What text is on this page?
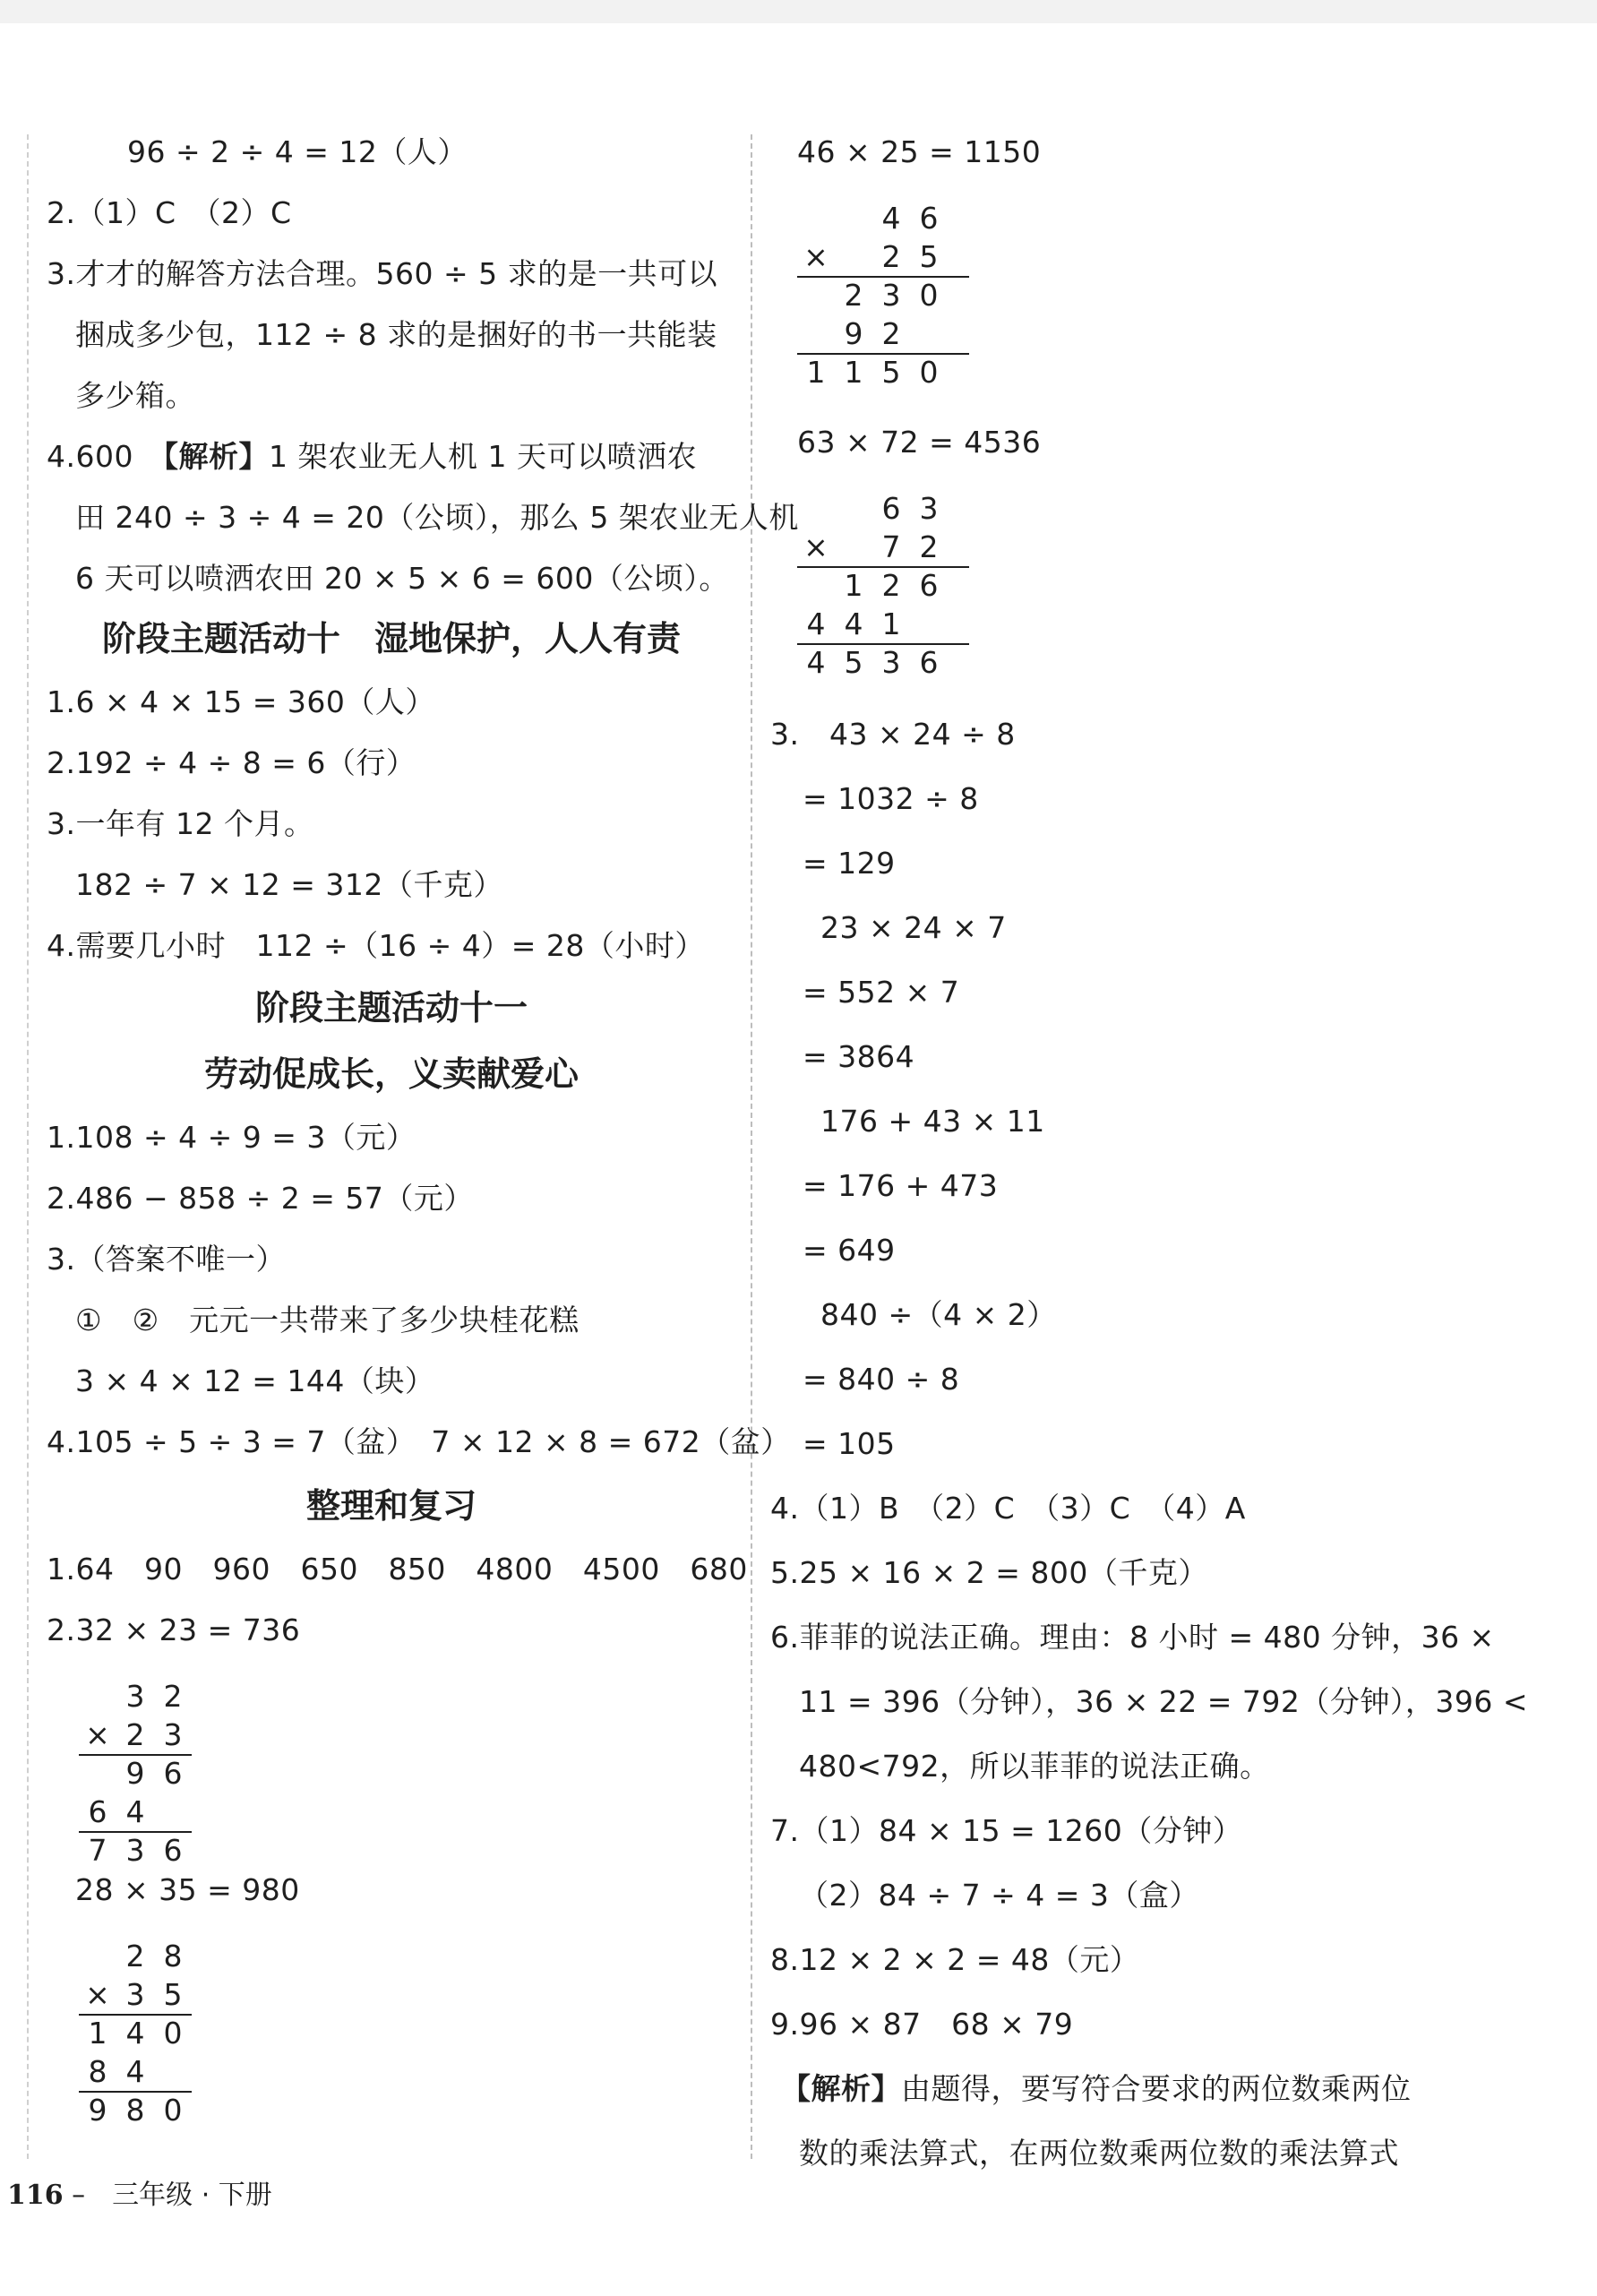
96 ÷ 2 ÷ 4 = 12（人）
2.（1）C　（2）C
3.才才的解答方法合理。560 ÷ 5 求的是一共可以
捆成多少包，112 ÷ 8 求的是捆好的书一共能装
多少箱。
4.600　【解析】1 架农业无人机 1 天可以喷洒农
田 240 ÷ 3 ÷ 4 = 20（公顷），那么 5 架农业无人机
6 天可以喷洒农田 20 × 5 × 6 = 600（公顷）。
阶段主题活动十　湿地保护，人人有责
1.6 × 4 × 15 = 360（人）
2.192 ÷ 4 ÷ 8 = 6（行）
3.一年有 12 个月。
182 ÷ 7 × 12 = 312（千克）
4.需要几小时　112 ÷（16 ÷ 4）= 28（小时）
阶段主题活动十一
劳动促成长，义卖献爱心
1.108 ÷ 4 ÷ 9 = 3（元）
2.486 − 858 ÷ 2 = 57（元）
3.（答案不唯一）
①　②　元元一共带来了多少块桂花糕
3 × 4 × 12 = 144（块）
4.105 ÷ 5 ÷ 3 = 7（盆）　7 × 12 × 8 = 672（盆）
整理和复习
1.64　90　960　650　850　4800　4500　680
2.32 × 23 = 736
3 2
× 2 3
9 6
6 4
7 3 6
28 × 35 = 980
2 8
× 3 5
1 4 0
8 4
9 8 0
46 × 25 = 1150
4 6
×	2 5
2 3 0
9 2
1 1 5 0
63 × 72 = 4536
6 3
×	7 2
1 2 6
4 4 1
4 5 3 6
3.　43 × 24 ÷ 8
= 1032 ÷ 8
= 129
23 × 24 × 7
= 552 × 7
= 3864
176 + 43 × 11
= 176 + 473
= 649
840 ÷（4 × 2）
= 840 ÷ 8
= 105
4.（1）B　（2）C　（3）C　（4）A
5.25 × 16 × 2 = 800（千克）
6.菲菲的说法正确。理由：8 小时 = 480 分钟，36 ×
11 = 396（分钟），36 × 22 = 792（分钟），396 <
480<792，所以菲菲的说法正确。
7.（1）84 × 15 = 1260（分钟）
（2）84 ÷ 7 ÷ 4 = 3（盒）
8.12 × 2 × 2 = 48（元）
9.96 × 87　68 × 79
【解析】由题得，要写符合要求的两位数乘两位
数的乘法算式，在两位数乘两位数的乘法算式
116 –　三年级 · 下册
